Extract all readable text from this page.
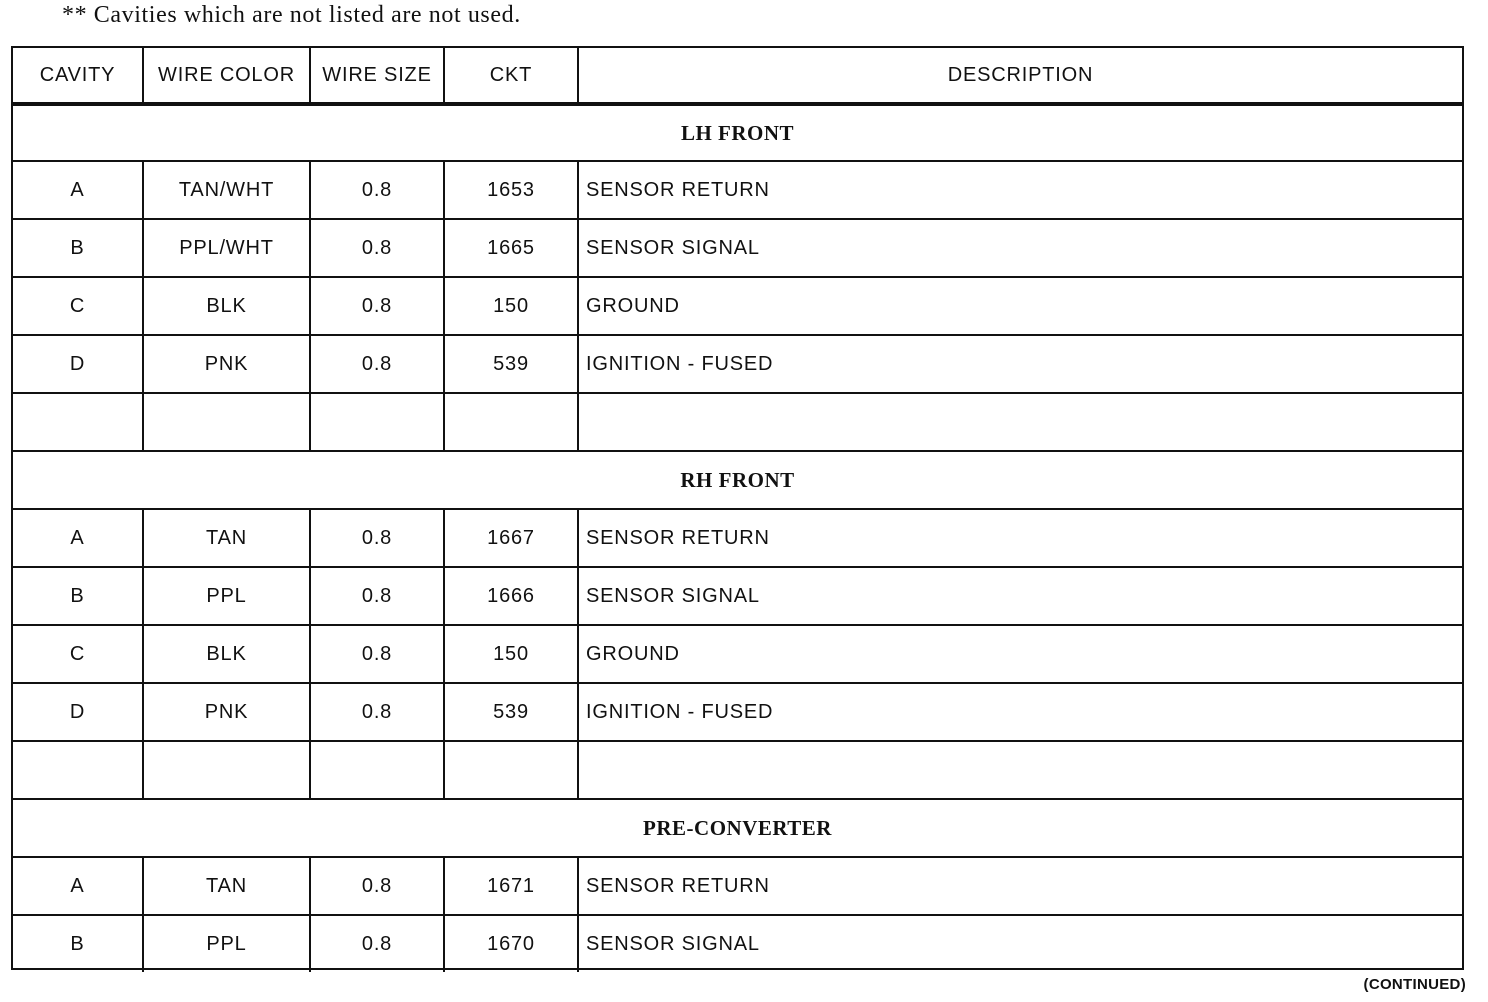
** Cavities which are not listed are not used.
CAVITY	WIRE COLOR	WIRE SIZE	CKT	DESCRIPTION
LH FRONT
A	TAN/WHT	0.8	1653	SENSOR RETURN
B	PPL/WHT	0.8	1665	SENSOR SIGNAL
C	BLK	0.8	150	GROUND
D	PNK	0.8	539	IGNITION - FUSED
RH FRONT
A	TAN	0.8	1667	SENSOR RETURN
B	PPL	0.8	1666	SENSOR SIGNAL
C	BLK	0.8	150	GROUND
D	PNK	0.8	539	IGNITION - FUSED
PRE-CONVERTER
A	TAN	0.8	1671	SENSOR RETURN
B	PPL	0.8	1670	SENSOR SIGNAL
(CONTINUED)
